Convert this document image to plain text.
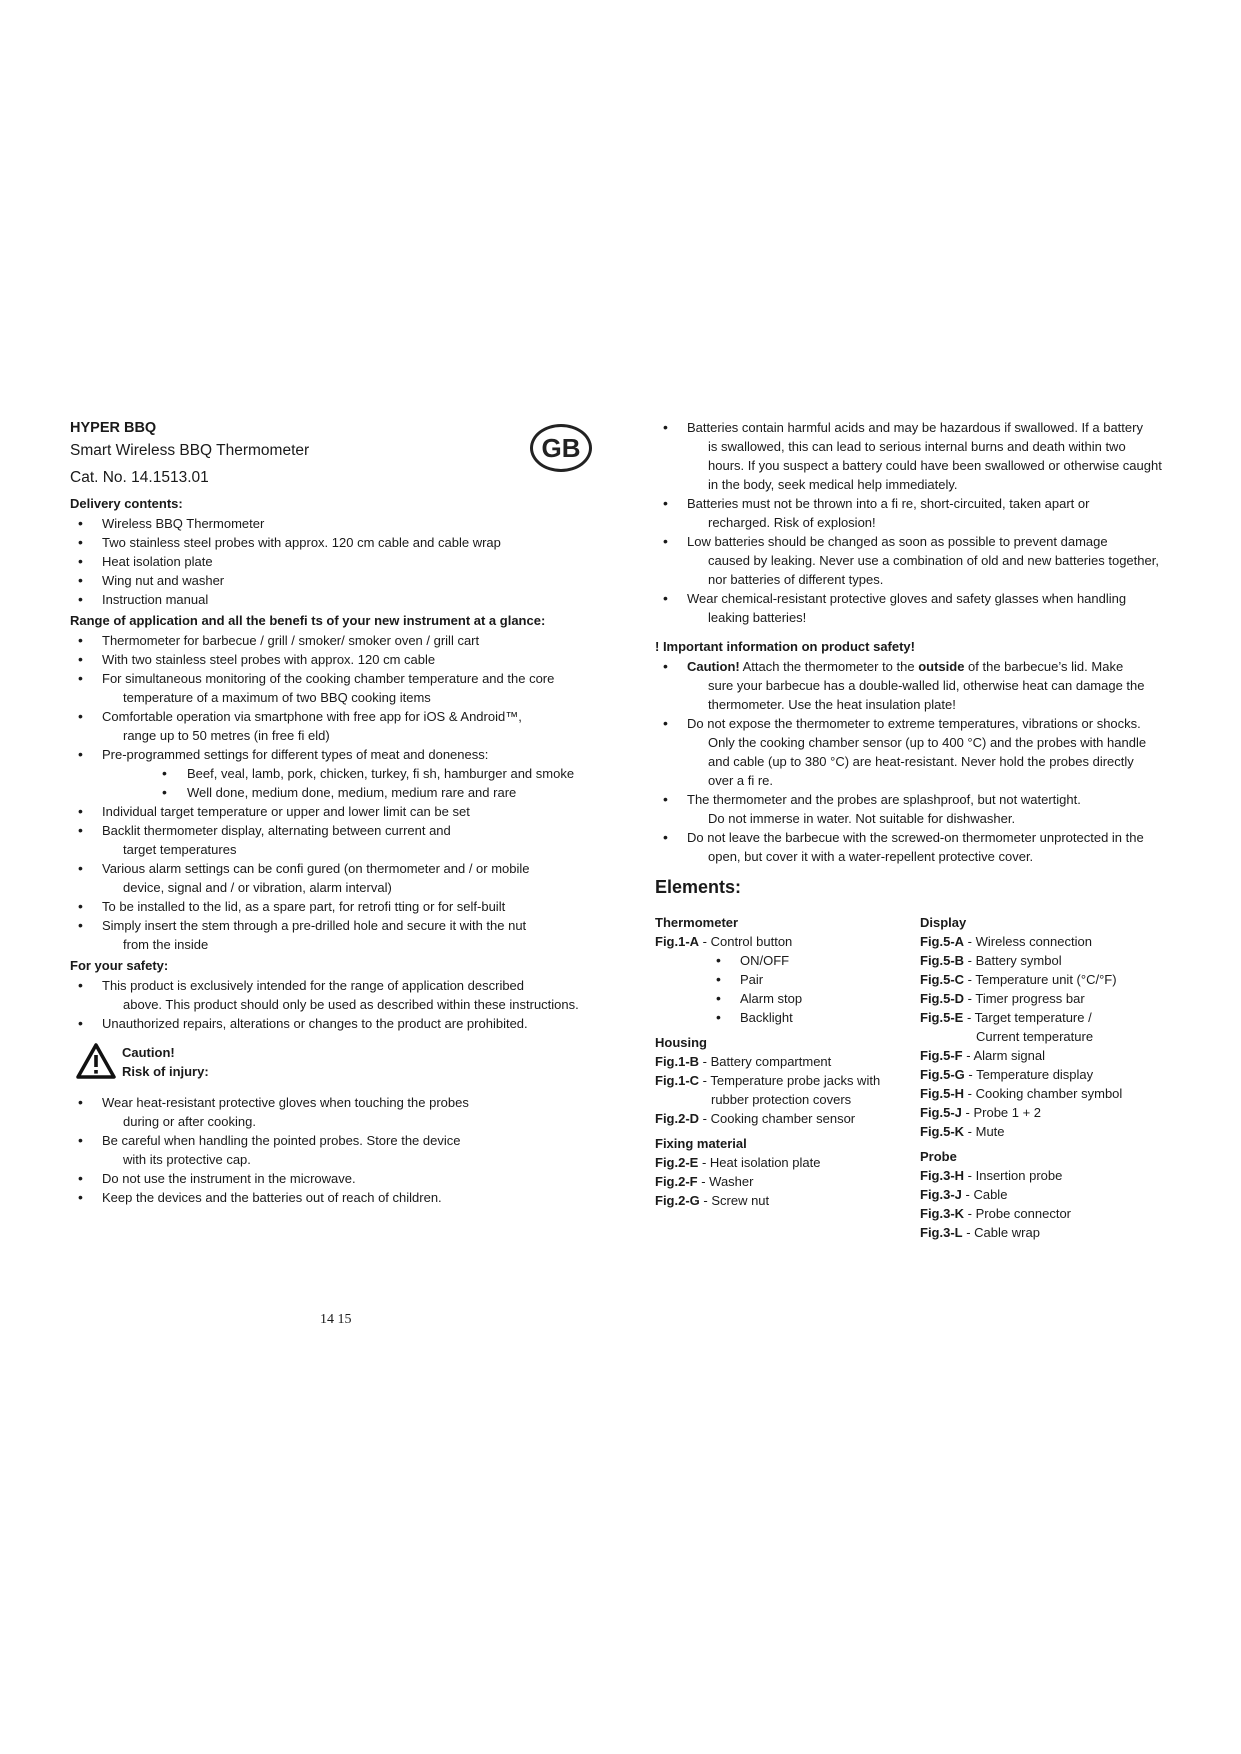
HYPER BBQ
Smart Wireless BBQ Thermometer
Cat. No. 14.1513.01
Delivery contents:
• Wireless BBQ Thermometer
• Two stainless steel probes with approx. 120 cm cable and cable wrap
• Heat isolation plate
• Wing nut and washer
• Instruction manual
Range of application and all the benefi ts of your new instrument at a glance:
• Thermometer for barbecue / grill / smoker/ smoker oven / grill cart
• With two stainless steel probes with approx. 120 cm cable
• For simultaneous monitoring of the cooking chamber temperature and the core
temperature of a maximum of two BBQ cooking items
• Comfortable operation via smartphone with free app for iOS & Android™,
range up to 50 metres (in free fi eld)
• Pre-programmed settings for different types of meat and doneness:
• Beef, veal, lamb, pork, chicken, turkey, fi sh, hamburger and smoke
• Well done, medium done, medium, medium rare and rare
• Individual target temperature or upper and lower limit can be set
• Backlit thermometer display, alternating between current and
target temperatures
• Various alarm settings can be confi gured (on thermometer and / or mobile
device, signal and / or vibration, alarm interval)
• To be installed to the lid, as a spare part, for retrofi tting or for self-built
• Simply insert the stem through a pre-drilled hole and secure it with the nut
from the inside
For your safety:
• This product is exclusively intended for the range of application described
above. This product should only be used as described within these instructions.
• Unauthorized repairs, alterations or changes to the product are prohibited.
Caution!
Risk of injury:
• Wear heat-resistant protective gloves when touching the probes
during or after cooking.
• Be careful when handling the pointed probes. Store the device
with its protective cap.
• Do not use the instrument in the microwave.
• Keep the devices and the batteries out of reach of children.
GB
• Batteries contain harmful acids and may be hazardous if swallowed. If a battery
is swallowed, this can lead to serious internal burns and death within two
hours. If you suspect a battery could have been swallowed or otherwise caught
in the body, seek medical help immediately.
• Batteries must not be thrown into a fi re, short-circuited, taken apart or
recharged. Risk of explosion!
• Low batteries should be changed as soon as possible to prevent damage
caused by leaking. Never use a combination of old and new batteries together,
nor batteries of different types.
• Wear chemical-resistant protective gloves and safety glasses when handling
leaking batteries!
! Important information on product safety!
• Caution! Attach the thermometer to the outside of the barbecue’s lid. Make
sure your barbecue has a double-walled lid, otherwise heat can damage the
thermometer. Use the heat insulation plate!
• Do not expose the thermometer to extreme temperatures, vibrations or shocks.
Only the cooking chamber sensor (up to 400 °C) and the probes with handle
and cable (up to 380 °C) are heat-resistant. Never hold the probes directly
over a fi re.
• The thermometer and the probes are splashproof, but not watertight.
Do not immerse in water. Not suitable for dishwasher.
• Do not leave the barbecue with the screwed-on thermometer unprotected in the
open, but cover it with a water-repellent protective cover.
Elements:
Thermometer
Fig.1-A - Control button
• ON/OFF
• Pair
• Alarm stop
• Backlight
Housing
Fig.1-B - Battery compartment
Fig.1-C - Temperature probe jacks with
rubber protection covers
Fig.2-D - Cooking chamber sensor
Fixing material
Fig.2-E - Heat isolation plate
Fig.2-F - Washer
Fig.2-G - Screw nut
Display
Fig.5-A - Wireless connection
Fig.5-B - Battery symbol
Fig.5-C - Temperature unit (°C/°F)
Fig.5-D - Timer progress bar
Fig.5-E - Target temperature /
Current temperature
Fig.5-F - Alarm signal
Fig.5-G - Temperature display
Fig.5-H - Cooking chamber symbol
Fig.5-J - Probe 1 + 2
Fig.5-K - Mute
Probe
Fig.3-H - Insertion probe
Fig.3-J - Cable
Fig.3-K - Probe connector
Fig.3-L - Cable wrap
14 15
